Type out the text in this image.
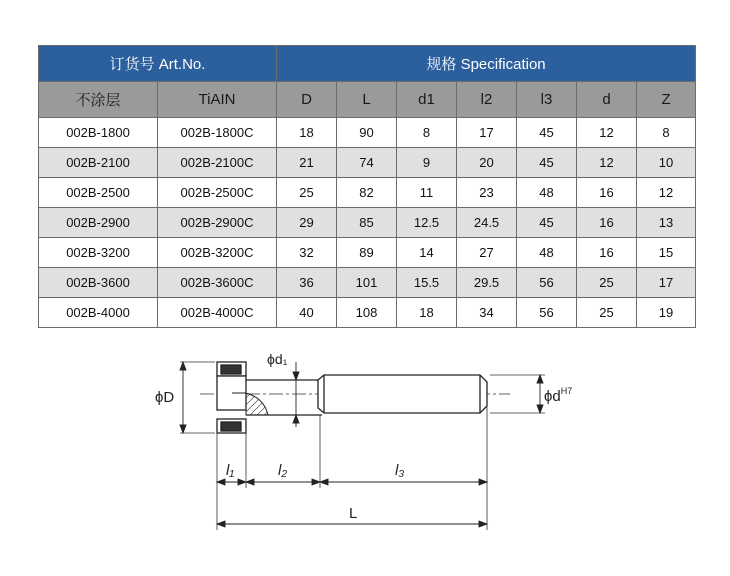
订货号 Art.No.		规格 Specification						
不涂层	TiAIN	D	L	d1	l2	l3	d	Z
002B-1800	002B-1800C	18	90	8	17	45	12	8
002B-2100	002B-2100C	21	74	9	20	45	12	10
002B-2500	002B-2500C	25	82	11	23	48	16	12
002B-2900	002B-2900C	29	85	12.5	24.5	45	16	13
002B-3200	002B-3200C	32	89	14	27	48	16	15
002B-3600	002B-3600C	36	101	15.5	29.5	56	25	17
002B-4000	002B-4000C	40	108	18	34	56	25	19
ϕD
ϕd₁
$\phi d^{H7}$
l₁	l₂	l₃
L
